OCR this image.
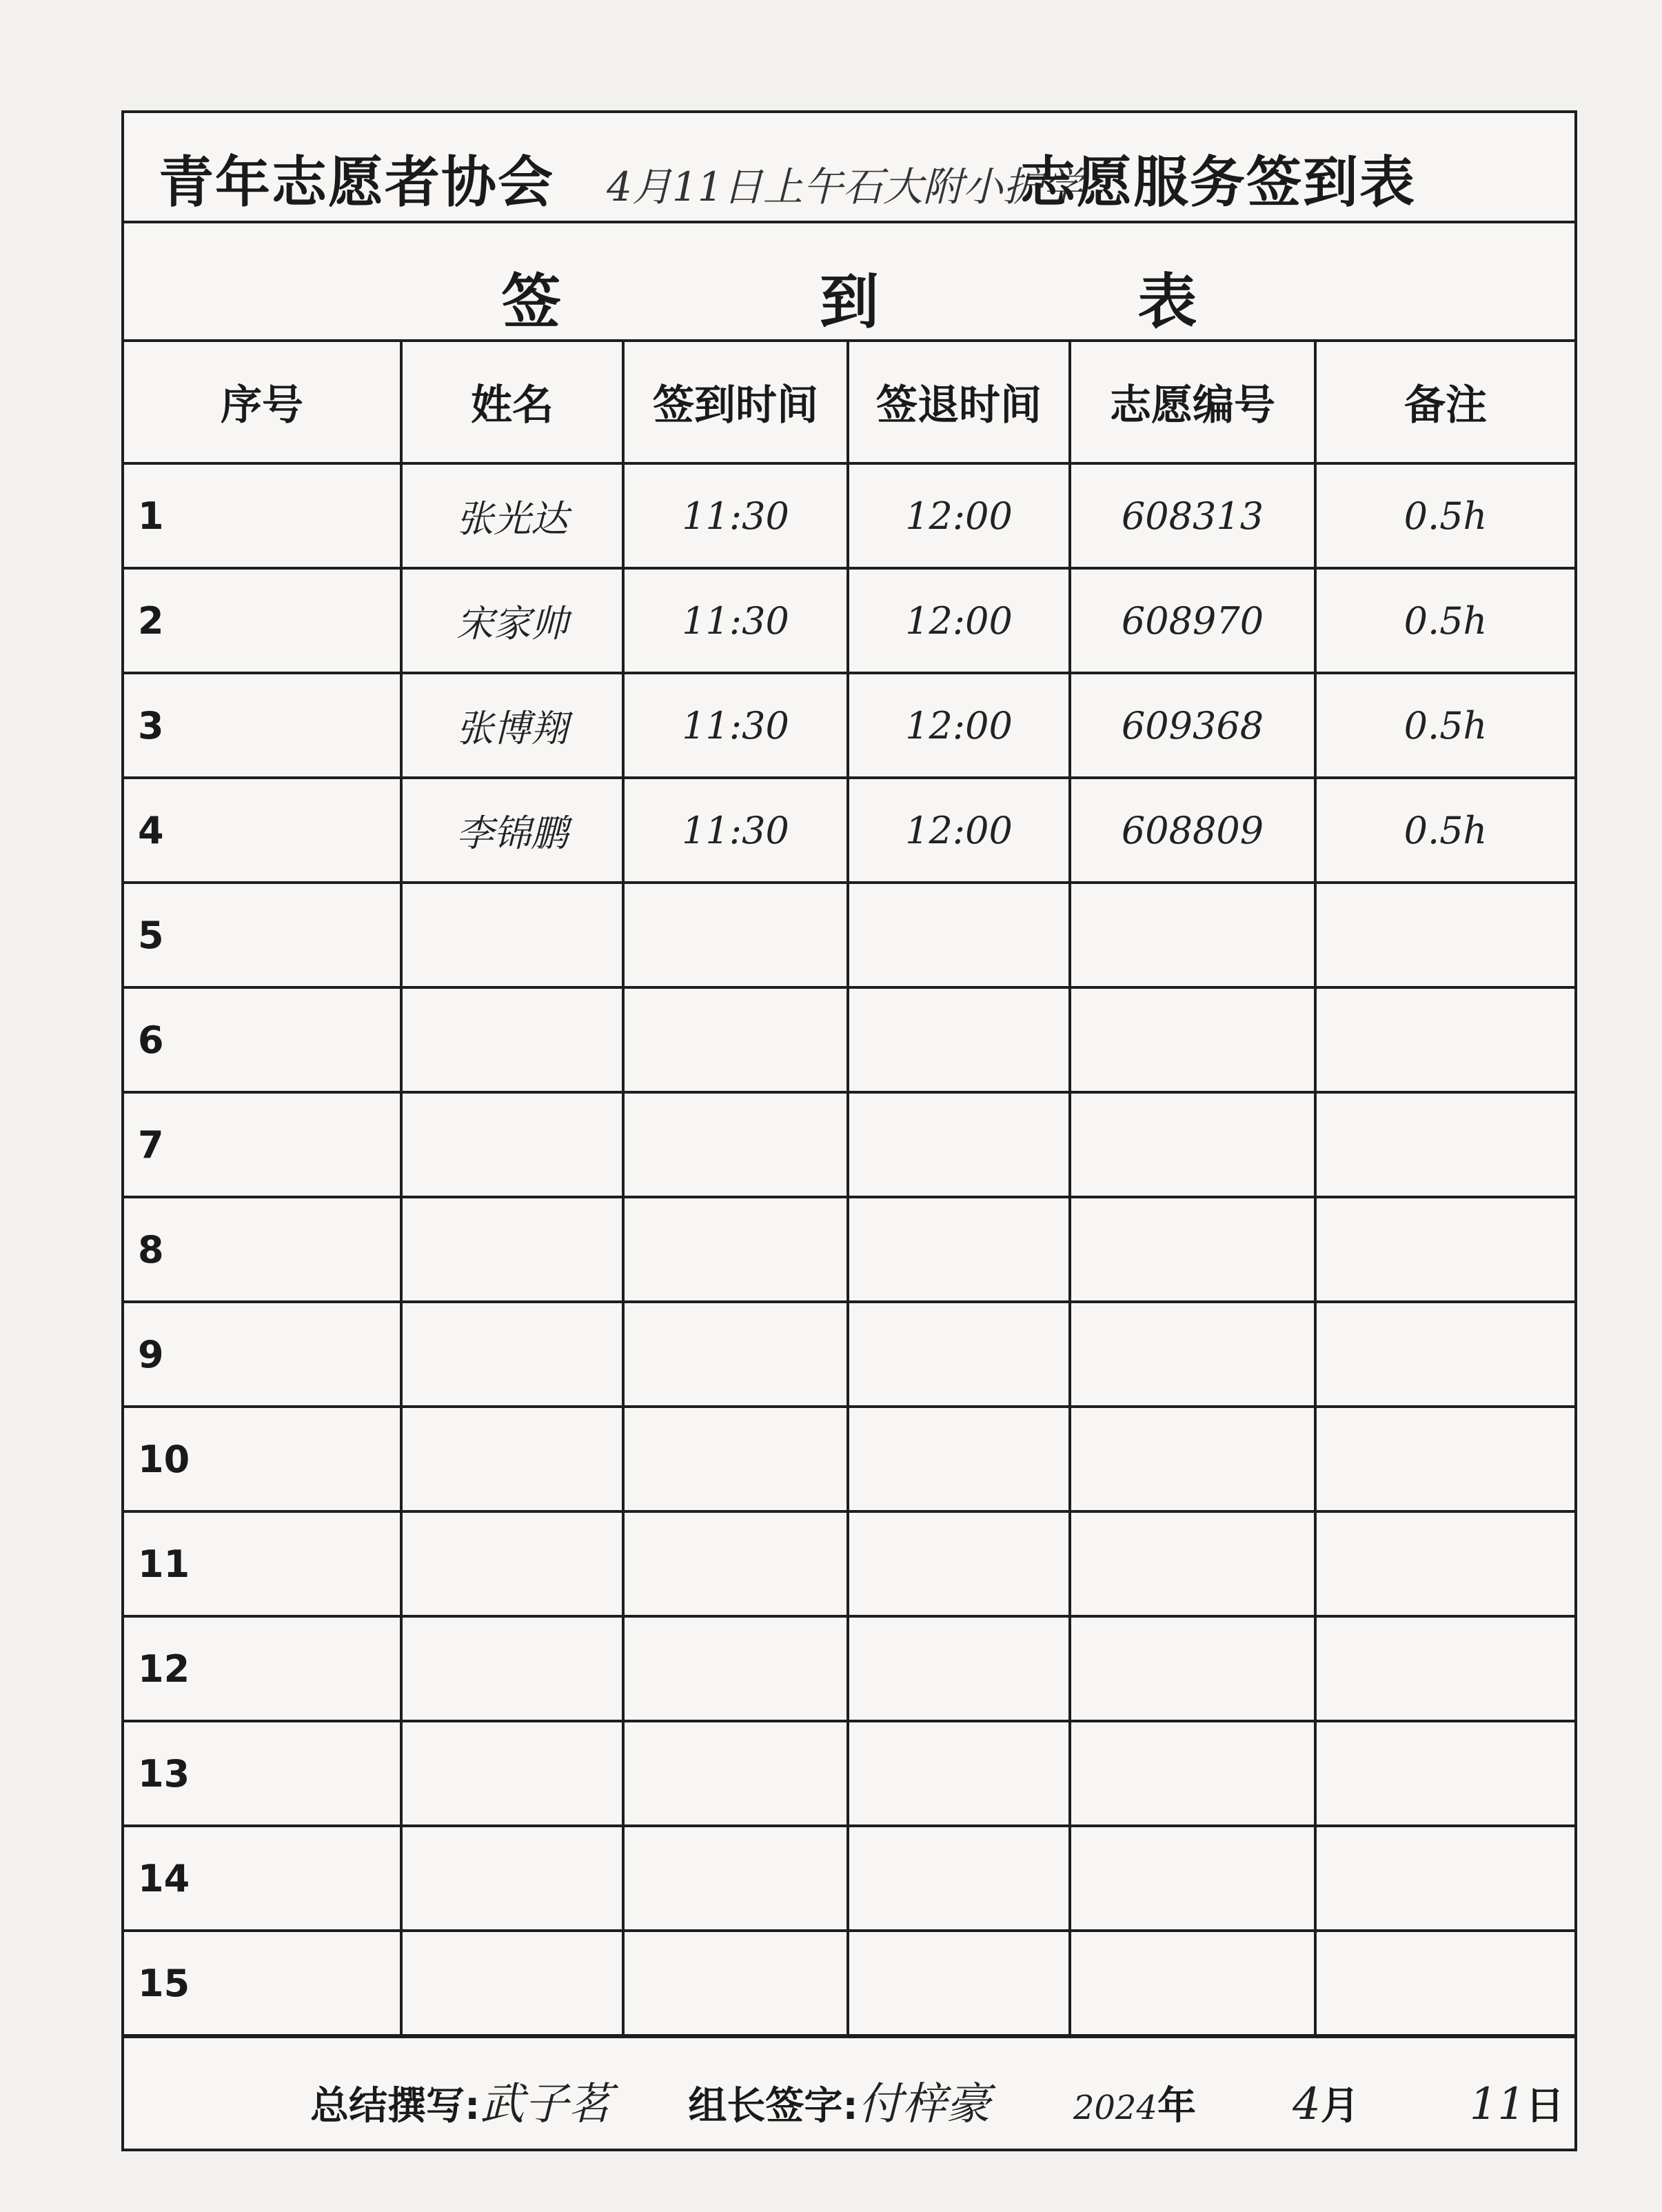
青年志愿者协会 4月11日上午石大附小护学
志愿服务签到表
签	到	表
序号	姓名	签到时间	签退时间	志愿编号	备注
1	张光达	11:30	12:00	608313	0.5h
2	宋家帅	11:30	12:00	608970	0.5h
3	张博翔	11:30	12:00	609368	0.5h
4	李锦鹏	11:30	12:00	608809	0.5h
5					
6					
7					
8					
9					
10					
11					
12					
13					
14					
15					
总结撰写: 武子茗 组长签字: 付梓豪	2024 年 4 月	11 日
